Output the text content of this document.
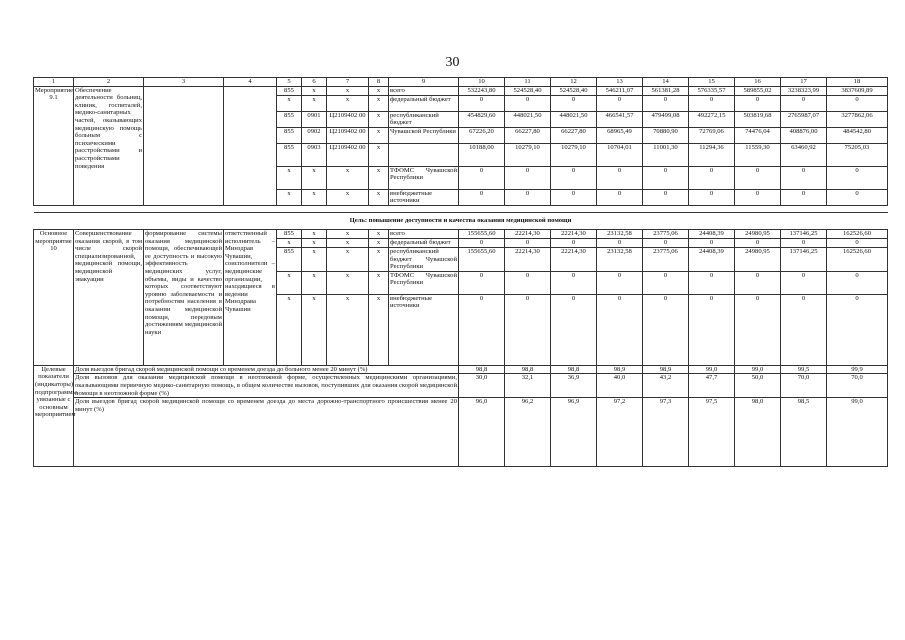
30
1	2	3	4	5	6	7	8	9	10	11	12	13	14	15	16	17	18
Мероприятие 9.1	Обеспечение деятельности больниц, клиник, госпиталей, медико-санитарных частей, оказывающих медицинскую помощь больным с психическими расстройствами и расстройствами поведения			855	х	х	х	всего	532243,80	524528,40	524528,40	546211,07	561381,28	576335,57	589855,02	3238323,99	3837609,89
				х	х	х	х	федеральный бюджет	0	0	0	0	0	0	0	0	0
				855	0901	Ц2109402 00	х	республиканский бюджет	454829,60	448021,50	448021,50	466541,57	479499,08	492272,15	503819,68	2765987,07	3277862,06
				855	0902	Ц2109402 00	х	Чувашской Республики	67226,20	66227,80	66227,80	68965,49	70880,90	72769,06	74476,04	408876,00	484542,80
				855	0903	Ц2109402 00	х		10188,00	10279,10	10279,10	10704,01	11001,30	11294,36	11559,30	63460,92	75205,03
				х	х	х	х	ТФОМС Чувашской Республики	0	0	0	0	0	0	0	0	0
				х	х	х	х	внебюджетные источники	0	0	0	0	0	0	0	0	0

Цель: повышение доступности и качества оказания медицинской помощи																	
Основное мероприятие 10	Совершенствование оказания скорой, в том числе скорой специализированной, медицинской помощи, медицинской эвакуации	формирование системы оказания медицинской помощи, обеспечивающей ее доступность и высокую эффективность медицинских услуг, объемы, виды и качество которых соответствуют уровню заболеваемости и потребностям населения в оказании медицинской помощи, передовым достижениям медицинской науки	ответственный исполнитель – Минздрав Чувашии, соисполнители – медицинские организации, находящиеся в ведении Минздрава Чувашии	855	х	х	х	всего	155655,60	22214,30	22214,30	23132,58	23775,06	24408,39	24980,95	137146,25	162526,60
				х	х	х	х	федеральный бюджет	0	0	0	0	0	0	0	0	0
				855	х	х	х	республиканский бюджет Чувашской Республики	155655,60	22214,30	22214,30	23132,58	23775,06	24408,39	24980,95	137146,25	162526,60
				х	х	х	х	ТФОМС Чувашской Республики	0	0	0	0	0	0	0	0	0
				х	х	х	х	внебюджетные источники	0	0	0	0	0	0	0	0	0
Целевые показатели (индикаторы) подпрограммы, увязанные с основным мероприятием	Доля выездов бригад скорой медицинской помощи со временем доезда до больного менее 20 минут (%)								98,8	98,8	98,8	98,9	98,9	99,0	99,0	99,5	99,9
	Доля вызовов для оказания медицинской помощи в неотложной форме, осуществленных медицинскими организациями, оказывающими первичную медико-санитарную помощь, в общем количестве вызовов, поступивших для оказания скорой медицинской помощи в неотложной форме (%)								30,0	32,1	36,9	40,0	43,2	47,7	50,0	70,0	70,0
	Доля выездов бригад скорой медицинской помощи со временем доезда до места дорожно-транспортного происшествия менее 20 минут (%)								96,0	96,2	96,9	97,2	97,3	97,5	98,0	98,5	99,0
